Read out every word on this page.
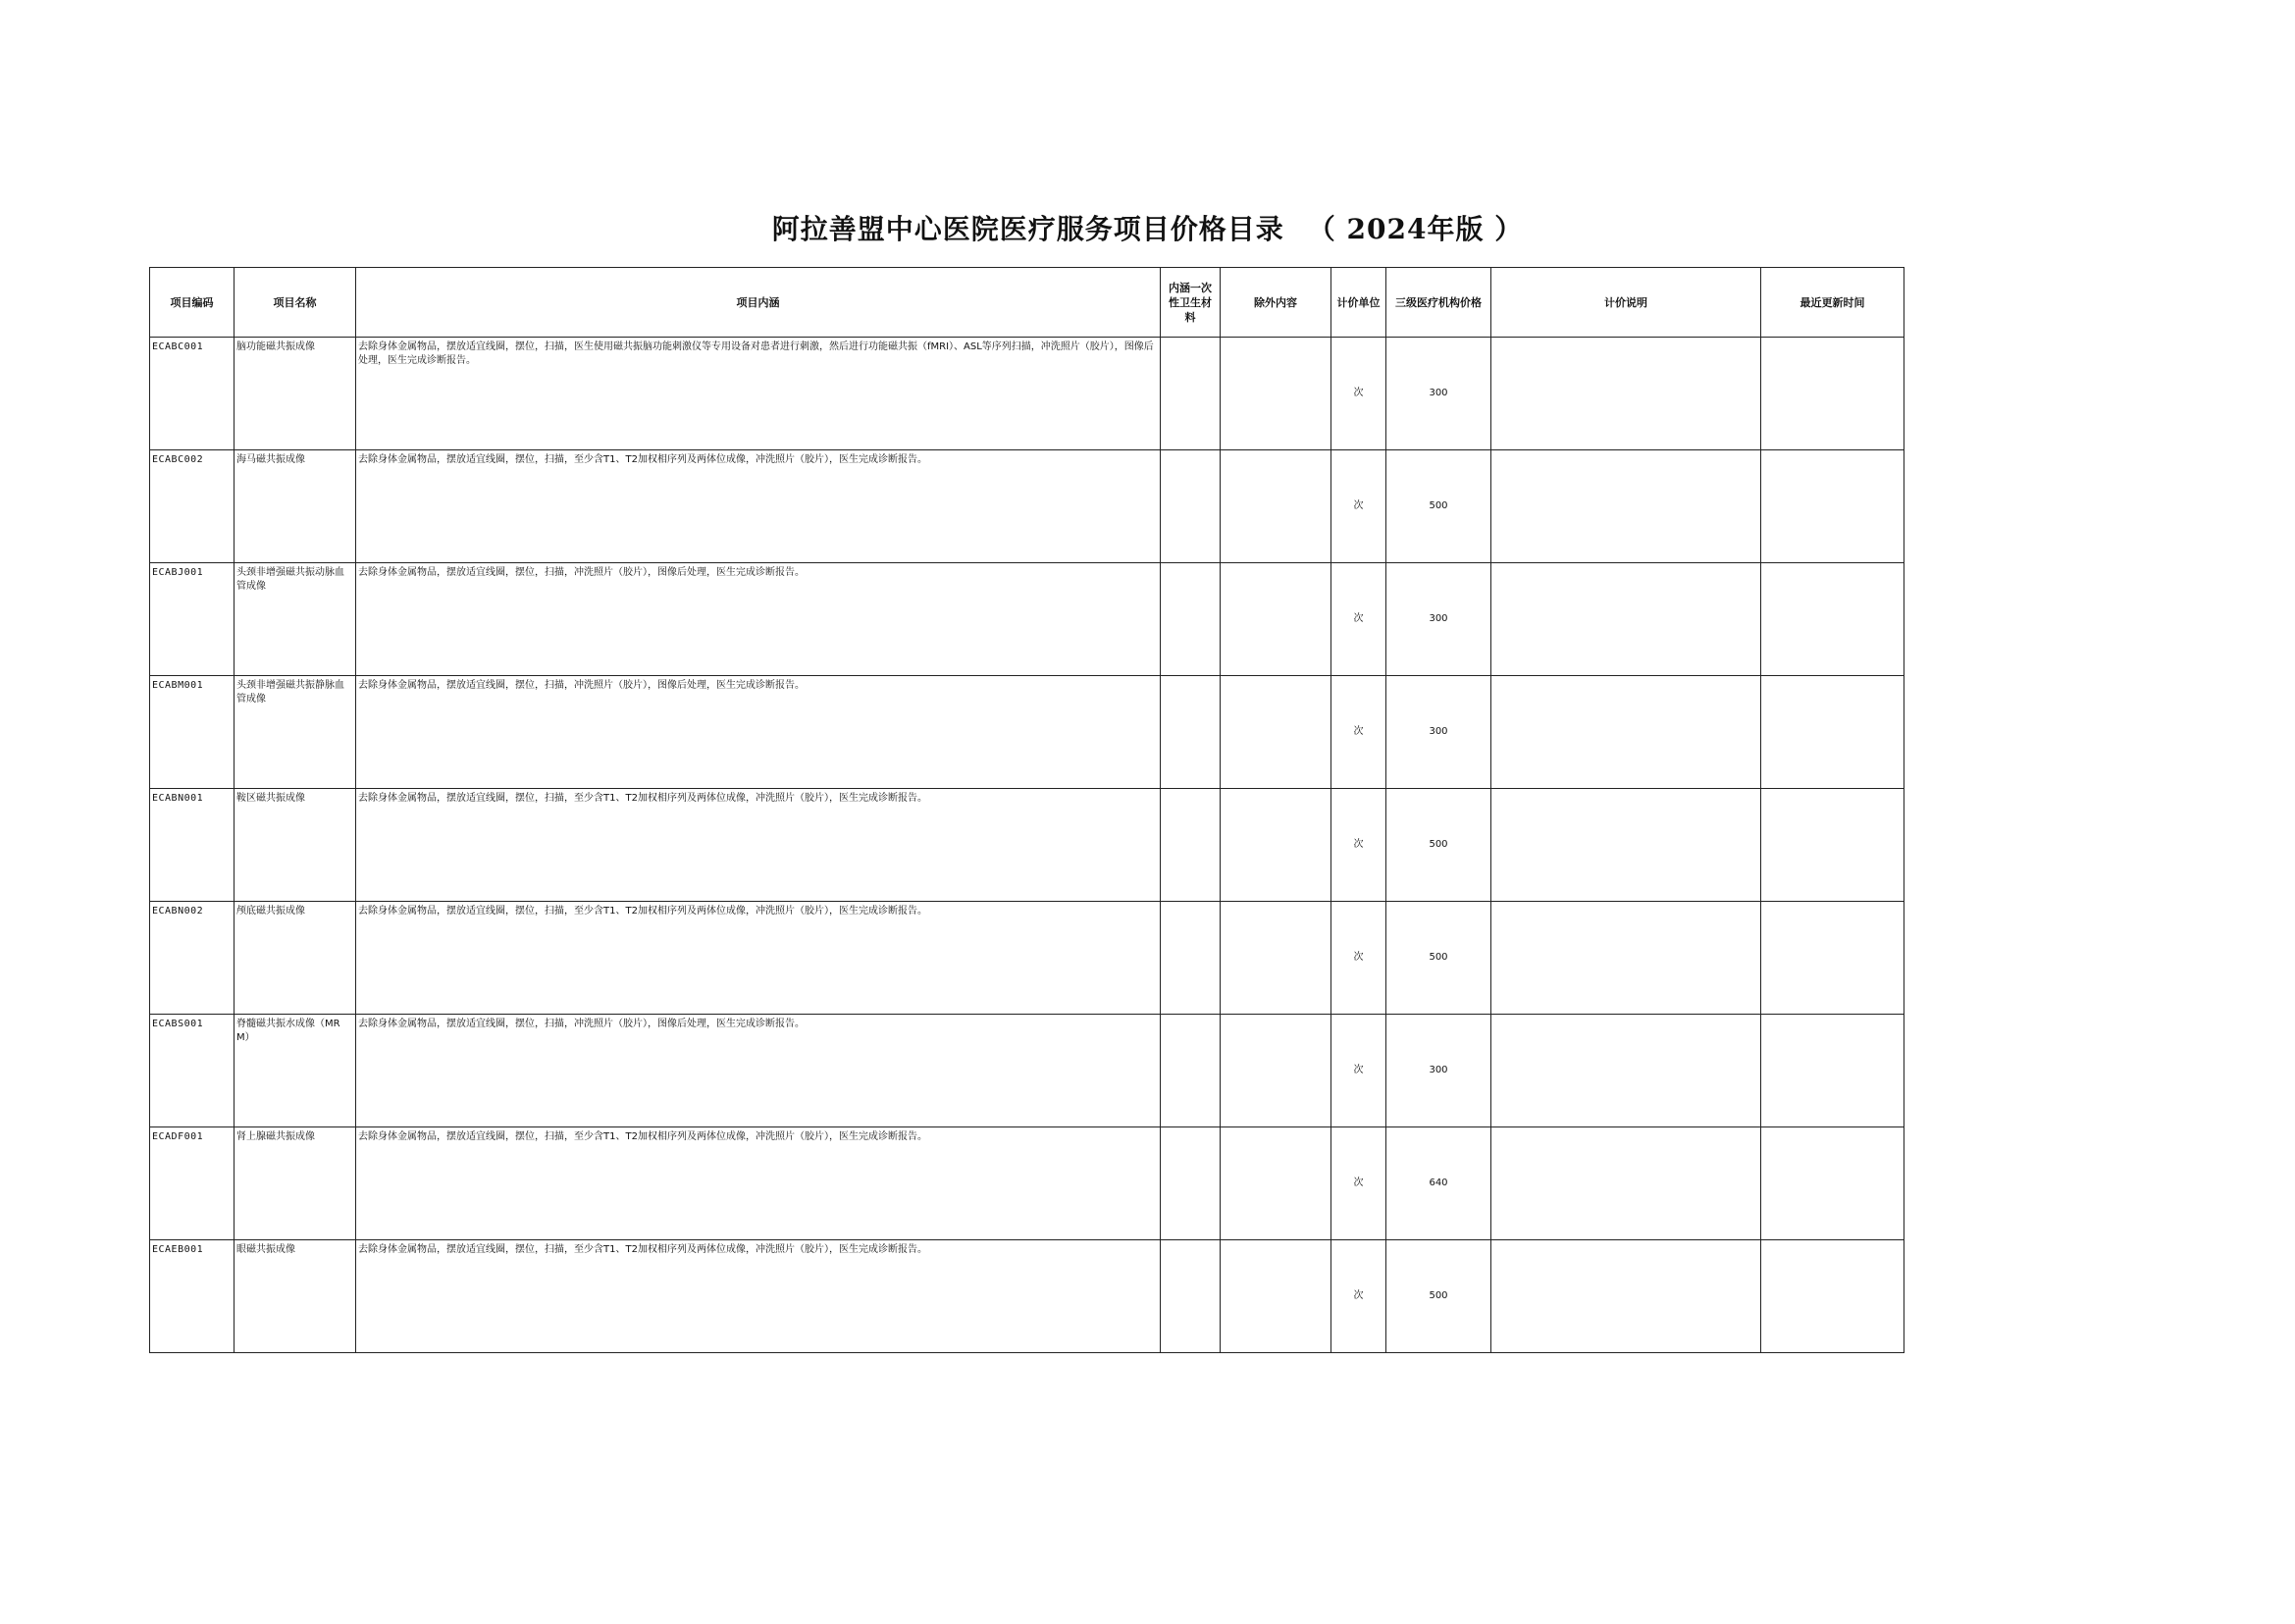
阿拉善盟中心医院医疗服务项目价格目录 （ 2024年版 ）
项目编码	项目名称	项目内涵	内涵一次性卫生材料	除外内容	计价单位	三级医疗机构价格	计价说明	最近更新时间
ECABC001	脑功能磁共振成像	去除身体金属物品，摆放适宜线圈，摆位，扫描，医生使用磁共振脑功能刺激仪等专用设备对患者进行刺激，然后进行功能磁共振（fMRI）、ASL等序列扫描，冲洗照片（胶片），图像后处理，医生完成诊断报告。			次	300		
ECABC002	海马磁共振成像	去除身体金属物品，摆放适宜线圈，摆位，扫描，至少含T1、T2加权相序列及两体位成像，冲洗照片（胶片），医生完成诊断报告。			次	500		
ECABJ001	头颈非增强磁共振动脉血管成像	去除身体金属物品，摆放适宜线圈，摆位，扫描，冲洗照片（胶片），图像后处理，医生完成诊断报告。			次	300		
ECABM001	头颈非增强磁共振静脉血管成像	去除身体金属物品，摆放适宜线圈，摆位，扫描，冲洗照片（胶片），图像后处理，医生完成诊断报告。			次	300		
ECABN001	鞍区磁共振成像	去除身体金属物品，摆放适宜线圈，摆位，扫描，至少含T1、T2加权相序列及两体位成像，冲洗照片（胶片），医生完成诊断报告。			次	500		
ECABN002	颅底磁共振成像	去除身体金属物品，摆放适宜线圈，摆位，扫描，至少含T1、T2加权相序列及两体位成像，冲洗照片（胶片），医生完成诊断报告。			次	500		
ECABS001	脊髓磁共振水成像（MRM）	去除身体金属物品，摆放适宜线圈，摆位，扫描，冲洗照片（胶片），图像后处理，医生完成诊断报告。			次	300		
ECADF001	肾上腺磁共振成像	去除身体金属物品，摆放适宜线圈，摆位，扫描，至少含T1、T2加权相序列及两体位成像，冲洗照片（胶片），医生完成诊断报告。			次	640		
ECAEB001	眼磁共振成像	去除身体金属物品，摆放适宜线圈，摆位，扫描，至少含T1、T2加权相序列及两体位成像，冲洗照片（胶片），医生完成诊断报告。			次	500		
